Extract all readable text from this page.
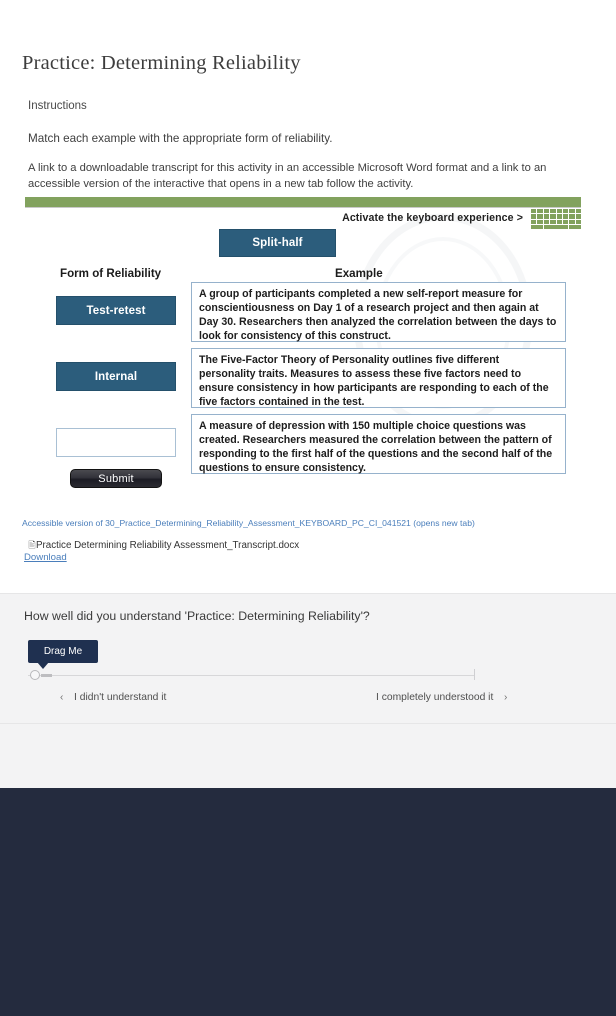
Practice: Determining Reliability
Instructions
Match each example with the appropriate form of reliability.
A link to a downloadable transcript for this activity in an accessible Microsoft Word format and a link to an accessible version of the interactive that opens in a new tab follow the activity.
Activate the keyboard experience >
Split-half
Form of Reliability	Example
Test-retest
Internal
Submit
A group of participants completed a new self-report measure for conscientiousness on Day 1 of a research project and then again at Day 30. Researchers then analyzed the correlation between the days to look for consistency of this construct.
The Five-Factor Theory of Personality outlines five different personality traits. Measures to assess these five factors need to ensure consistency in how participants are responding to each of the five factors contained in the test.
A measure of depression with 150 multiple choice questions was created. Researchers measured the correlation between the pattern of responding to the first half of the questions and the second half of the questions to ensure consistency.
Accessible version of 30_Practice_Determining_Reliability_Assessment_KEYBOARD_PC_CI_041521 (opens new tab)
🖹Practice Determining Reliability Assessment_Transcript.docx
Download
How well did you understand 'Practice: Determining Reliability'?
Drag Me
‹ I didn't understand it	I completely understood it ›
